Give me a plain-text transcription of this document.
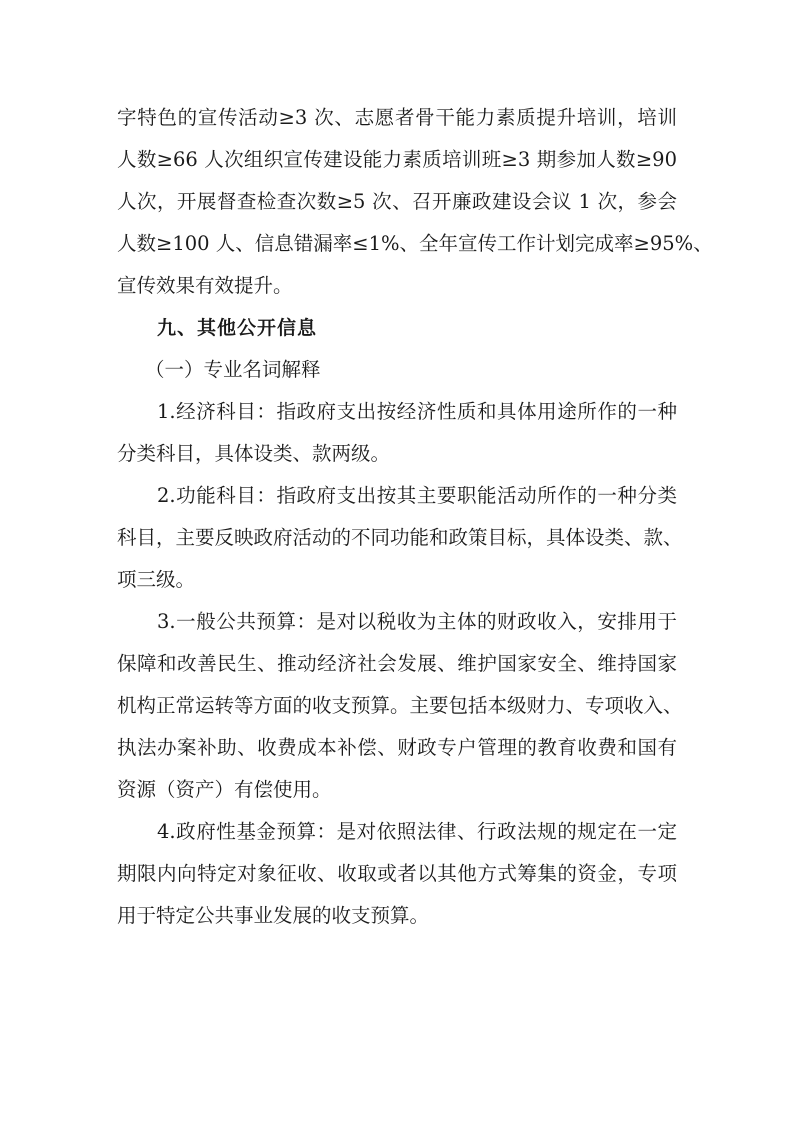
字特色的宣传活动≥3 次、志愿者骨干能力素质提升培训，培训
人数≥66 人次组织宣传建设能力素质培训班≥3 期参加人数≥90
人次，开展督查检查次数≥5 次、召开廉政建设会议 1 次，参会
人数≥100 人、信息错漏率≤1%、全年宣传工作计划完成率≥95%、
宣传效果有效提升。
九、其他公开信息
（一）专业名词解释
1.经济科目：指政府支出按经济性质和具体用途所作的一种
分类科目，具体设类、款两级。
2.功能科目：指政府支出按其主要职能活动所作的一种分类
科目，主要反映政府活动的不同功能和政策目标，具体设类、款、
项三级。
3.一般公共预算：是对以税收为主体的财政收入，安排用于
保障和改善民生、推动经济社会发展、维护国家安全、维持国家
机构正常运转等方面的收支预算。主要包括本级财力、专项收入、
执法办案补助、收费成本补偿、财政专户管理的教育收费和国有
资源（资产）有偿使用。
4.政府性基金预算：是对依照法律、行政法规的规定在一定
期限内向特定对象征收、收取或者以其他方式筹集的资金，专项
用于特定公共事业发展的收支预算。
